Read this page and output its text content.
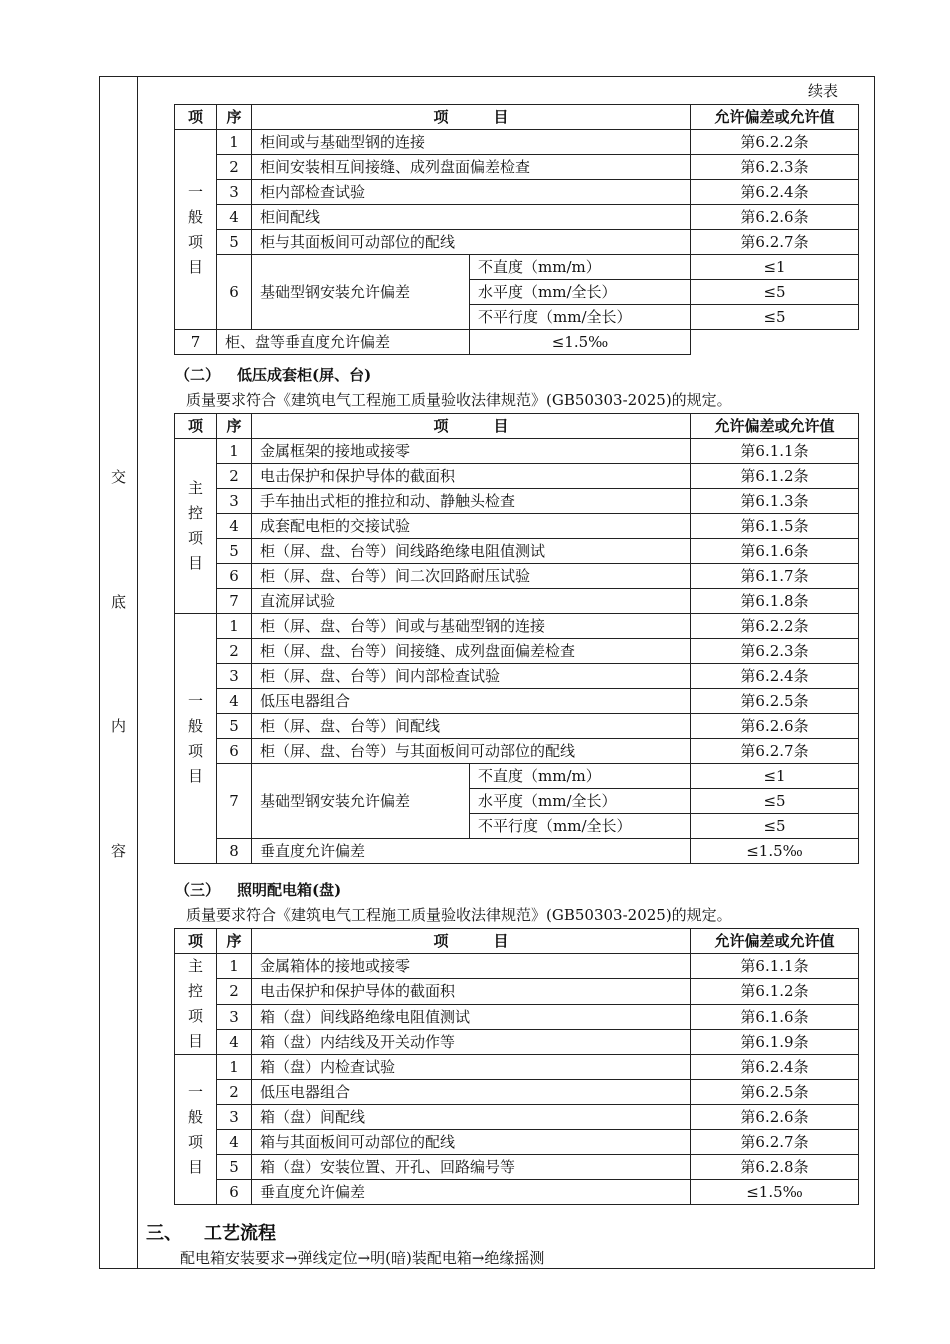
交
底
内
容
续表
项	序	项　　　目		允许偏差或允许值

一
般
项
目	1	柜间或与基础型钢的连接		第6.2.2条
	2	柜间安装相互间接缝、成列盘面偏差检查		第6.2.3条
	3	柜内部检查试验		第6.2.4条
	4	柜间配线		第6.2.6条
	5	柜与其面板间可动部位的配线		第6.2.7条
	6	基础型钢安装允许偏差	不直度（mm/m）	≤1
			水平度（mm/全长）	≤5
			不平行度（mm/全长）	≤5
7	柜、盘等垂直度允许偏差		≤1.5‰	
（二） 低压成套柜(屏、台)
质量要求符合《建筑电气工程施工质量验收法律规范》(GB50303-2025)的规定。
项	序	项　　　目		允许偏差或允许值

主
控
项
目	1	金属框架的接地或接零		第6.1.1条
	2	电击保护和保护导体的截面积		第6.1.2条
	3	手车抽出式柜的推拉和动、静触头检查		第6.1.3条
	4	成套配电柜的交接试验		第6.1.5条
	5	柜（屏、盘、台等）间线路绝缘电阻值测试		第6.1.6条
	6	柜（屏、盘、台等）间二次回路耐压试验		第6.1.7条
	7	直流屏试验		第6.1.8条

一
般
项
目	1	柜（屏、盘、台等）间或与基础型钢的连接		第6.2.2条
	2	柜（屏、盘、台等）间接缝、成列盘面偏差检查		第6.2.3条
	3	柜（屏、盘、台等）间内部检查试验		第6.2.4条
	4	低压电器组合		第6.2.5条
	5	柜（屏、盘、台等）间配线		第6.2.6条
	6	柜（屏、盘、台等）与其面板间可动部位的配线		第6.2.7条
	7	基础型钢安装允许偏差	不直度（mm/m）	≤1
			水平度（mm/全长）	≤5
			不平行度（mm/全长）	≤5
	8	垂直度允许偏差		≤1.5‰
（三） 照明配电箱(盘)
质量要求符合《建筑电气工程施工质量验收法律规范》(GB50303-2025)的规定。
项	序	项　　　目	允许偏差或允许值

主
控
项
目	1	金属箱体的接地或接零	第6.1.1条
	2	电击保护和保护导体的截面积	第6.1.2条
	3	箱（盘）间线路绝缘电阻值测试	第6.1.6条
	4	箱（盘）内结线及开关动作等	第6.1.9条

一
般
项
目	1	箱（盘）内检查试验	第6.2.4条
	2	低压电器组合	第6.2.5条
	3	箱（盘）间配线	第6.2.6条
	4	箱与其面板间可动部位的配线	第6.2.7条
	5	箱（盘）安装位置、开孔、回路编号等	第6.2.8条
	6	垂直度允许偏差	≤1.5‰
三、 工艺流程
配电箱安装要求→弹线定位→明(暗)装配电箱→绝缘摇测
